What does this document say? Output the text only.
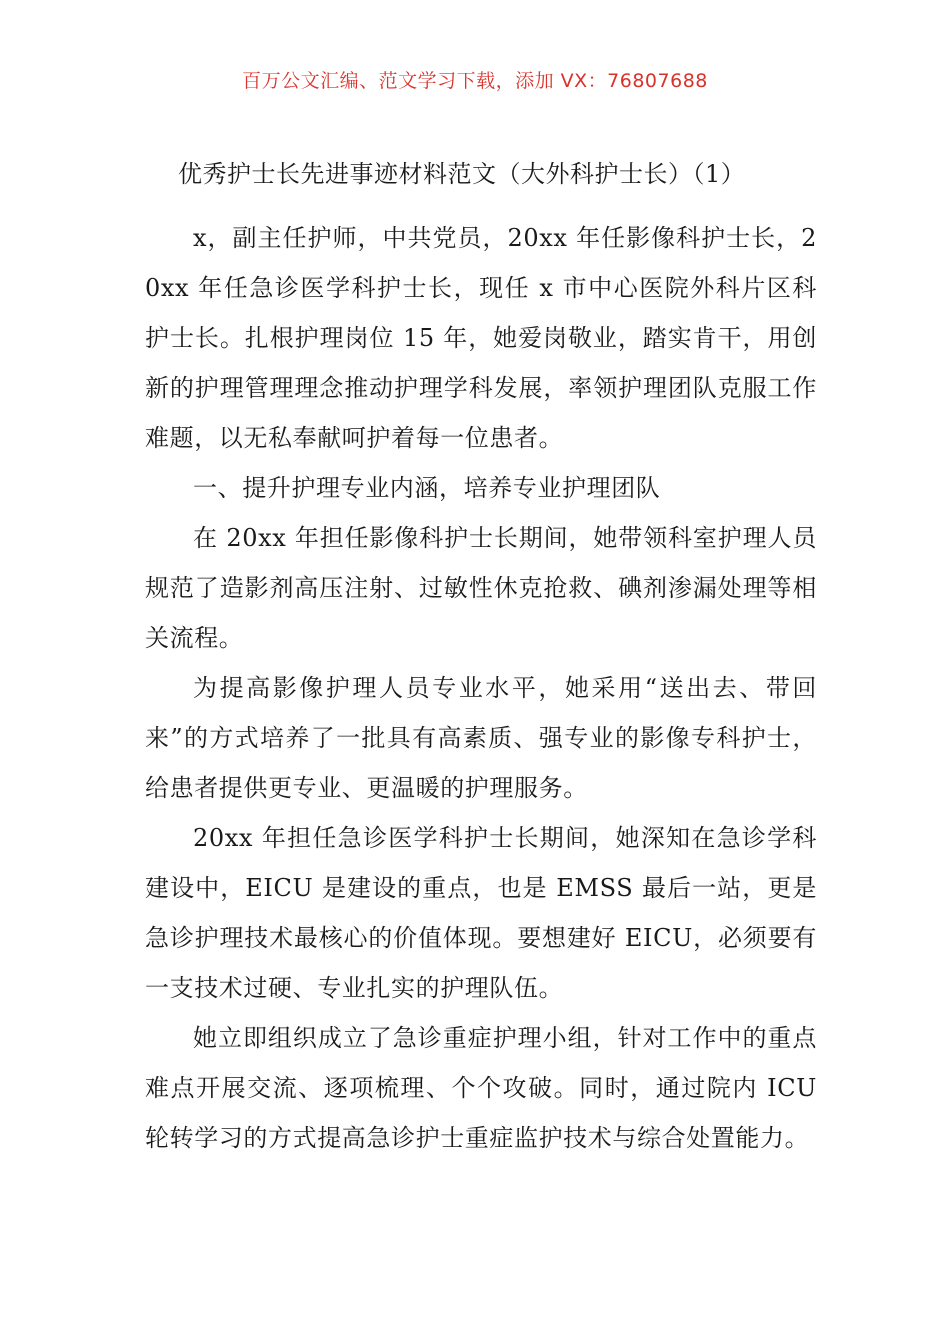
百万公文汇编、范文学习下载，添加 VX：76807688
优秀护士长先进事迹材料范文（大外科护士长）（1）

x，副主任护师，中共党员，20xx 年任影像科护士长，20xx 年任急诊医学科护士长，现任 x 市中心医院外科片区科护士长。扎根护理岗位 15 年，她爱岗敬业，踏实肯干，用创新的护理管理理念推动护理学科发展，率领护理团队克服工作难题，以无私奉献呵护着每一位患者。

一、提升护理专业内涵，培养专业护理团队

在 20xx 年担任影像科护士长期间，她带领科室护理人员规范了造影剂高压注射、过敏性休克抢救、碘剂渗漏处理等相关流程。

为提高影像护理人员专业水平，她采用“送出去、带回来”的方式培养了一批具有高素质、强专业的影像专科护士，给患者提供更专业、更温暖的护理服务。

20xx 年担任急诊医学科护士长期间，她深知在急诊学科建设中，EICU 是建设的重点，也是 EMSS 最后一站，更是急诊护理技术最核心的价值体现。要想建好 EICU，必须要有一支技术过硬、专业扎实的护理队伍。

她立即组织成立了急诊重症护理小组，针对工作中的重点难点开展交流、逐项梳理、个个攻破。同时，通过院内 ICU 轮转学习的方式提高急诊护士重症监护技术与综合处置能力。
